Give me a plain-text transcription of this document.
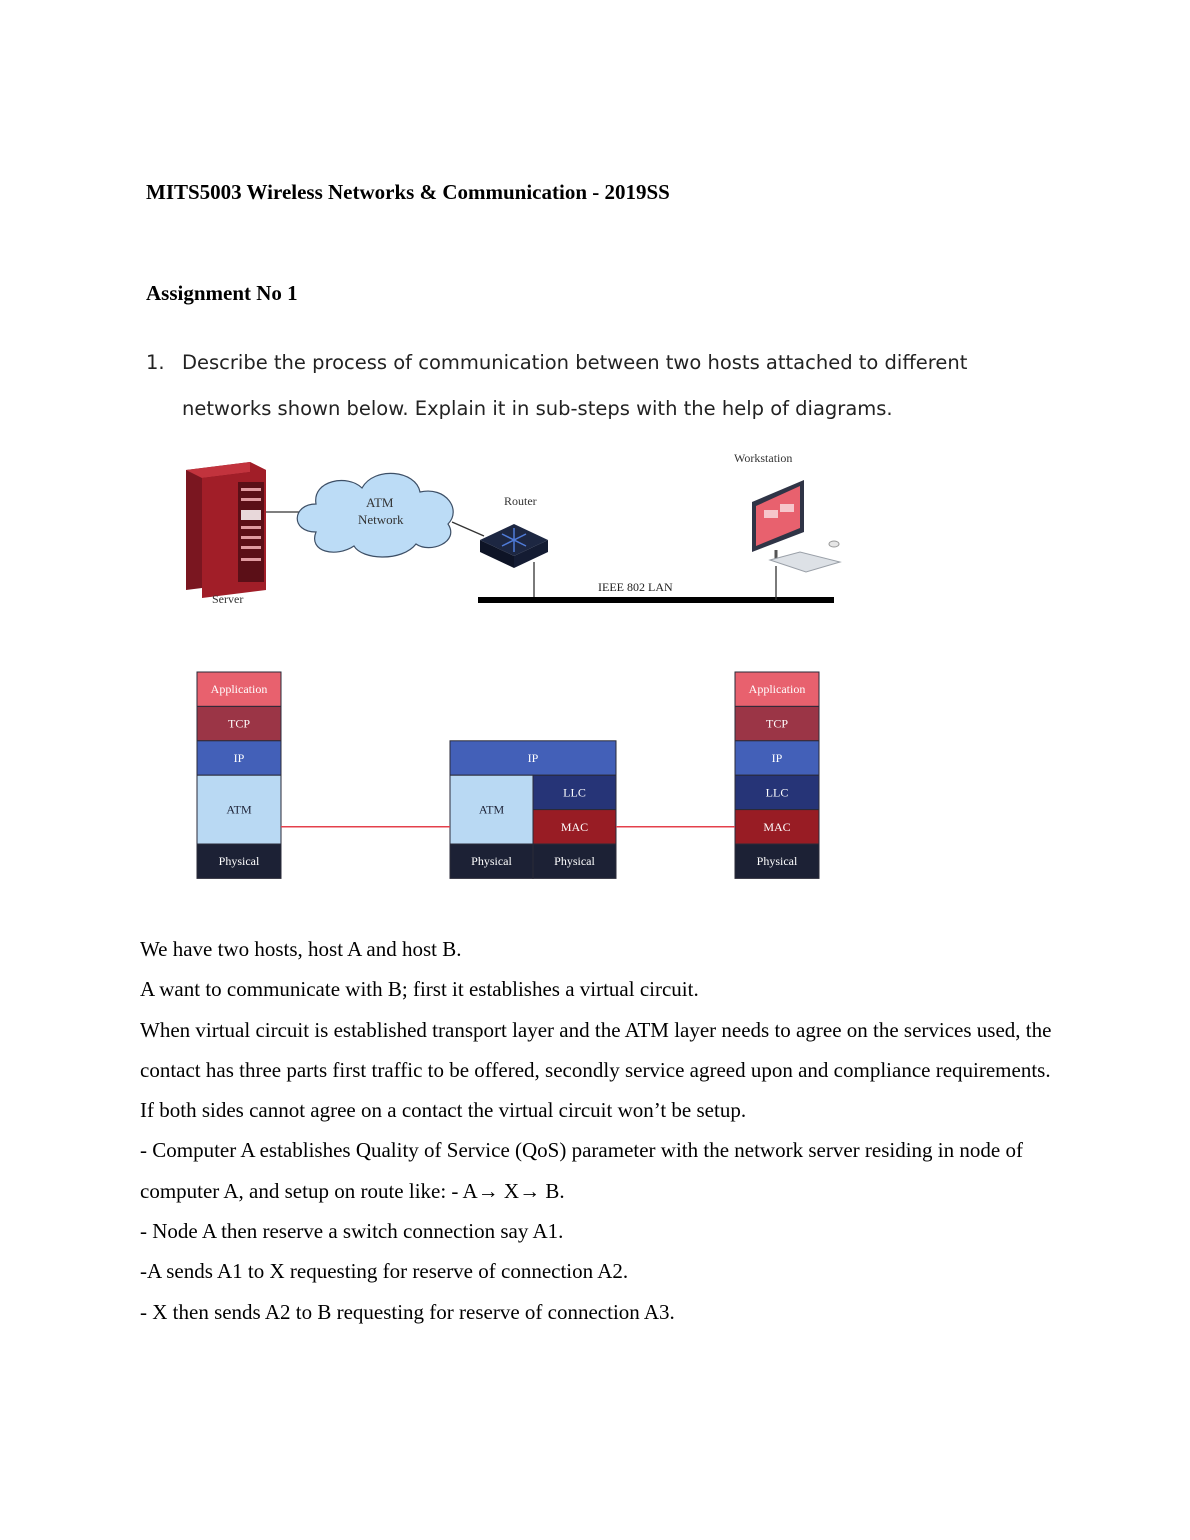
MITS5003 Wireless Networks & Communication - 2019SS
Assignment No 1
1. Describe the process of communication between two hosts attached to different networks shown below. Explain it in sub-steps with the help of diagrams.
Server
ATM
Network
Router
IEEE 802 LAN
Workstation
Application
TCP
IP
ATM
Physical
IP
ATM
LLC
MAC
Physical	Physical
Application
TCP
IP
LLC
MAC
Physical

We have two hosts, host A and host B.

A want to communicate with B; first it establishes a virtual circuit.

When virtual circuit is established transport layer and the ATM layer needs to agree on the services used, the contact has three parts first traffic to be offered, secondly service agreed upon and compliance requirements.

If both sides cannot agree on a contact the virtual circuit won’t be setup.

- Computer A establishes Quality of Service (QoS) parameter with the network server residing in node of computer A, and setup on route like: - A→ X→ B.

- Node A then reserve a switch connection say A1.

-A sends A1 to X requesting for reserve of connection A2.

- X then sends A2 to B requesting for reserve of connection A3.
